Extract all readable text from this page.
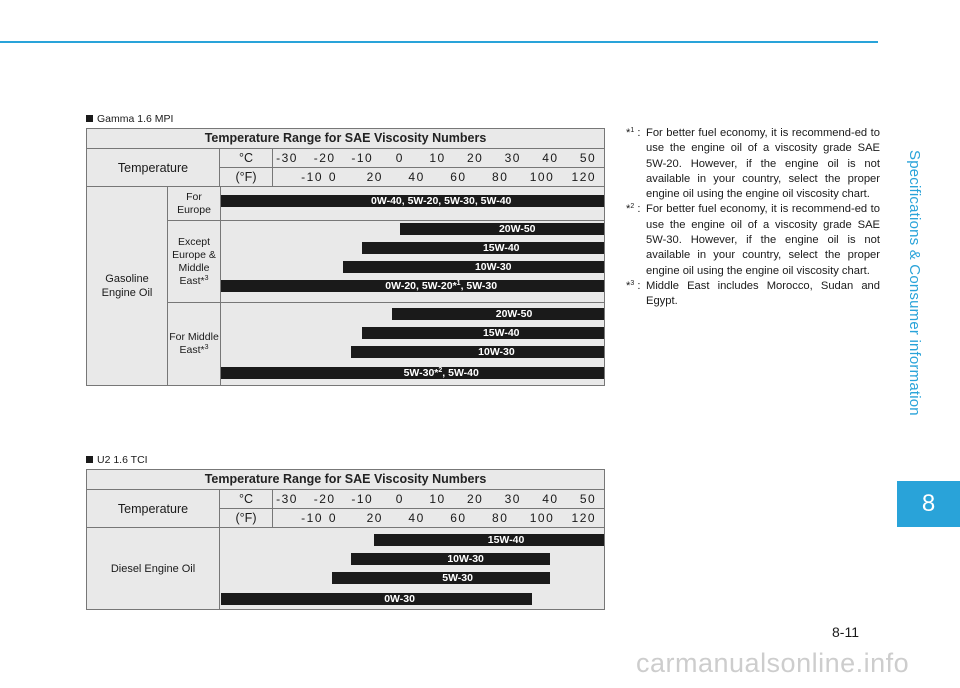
Specifications & Consumer information
8
Gamma 1.6 MPI
Temperature Range for SAE Viscosity Numbers
Temperature
°C
(°F)
-30 -20 -10 0 10 20 30 40 50
-10 0 20 40 60 80 100 120
Gasoline Engine Oil
For Europe
Except Europe & Middle East*$^3$
For Middle East*$^3$
0W-40, 5W-20, 5W-30, 5W-40
20W-50
15W-40
10W-30
0W-20, 5W-20*$^1$, 5W-30
20W-50
15W-40
10W-30
5W-30*$^2$, 5W-40
U2 1.6 TCI
Temperature Range for SAE Viscosity Numbers
Temperature
°C
(°F)
-30 -20 -10 0 10 20 30 40 50
-10 0 20 40 60 80 100 120
Diesel Engine Oil
15W-40
10W-30
5W-30
0W-30
*$^1$ : For better fuel economy, it is recommend-ed to use the engine oil of a viscosity grade SAE 5W-20. However, if the engine oil is not available in your country, select the proper engine oil using the engine oil viscosity chart.
*$^2$ : For better fuel economy, it is recommend-ed to use the engine oil of a viscosity grade SAE 5W-30. However, if the engine oil is not available in your country, select the proper engine oil using the engine oil viscosity chart.
*$^3$ : Middle East includes Morocco, Sudan and Egypt.
8-11
carmanualsonline.info
